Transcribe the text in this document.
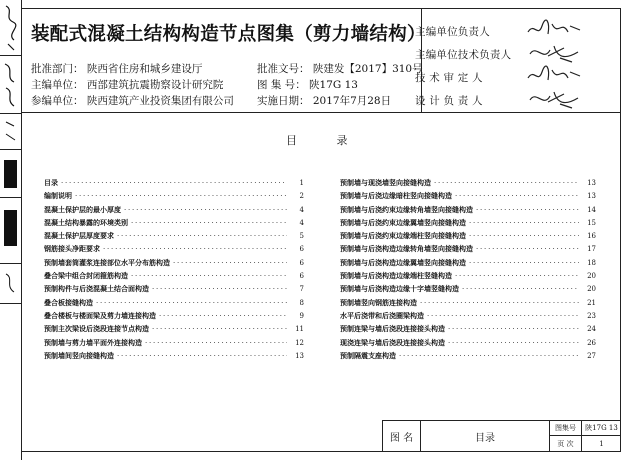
装配式混凝土结构构造节点图集（剪力墙结构）
批准部门： 陕西省住房和城乡建设厅
主编单位： 西部建筑抗震勘察设计研究院
参编单位： 陕西建筑产业投资集团有限公司
批准文号： 陕建发【2017】310号
图 集 号： 陕17G 13
实施日期： 2017年7月28日
主编单位负责人
主编单位技术负责人
技 术 审 定 人
设 计 负 责 人
目 录
目录 ·····	1
编制说明 ·····	2
混凝土保护层的最小厚度 ·····	4
混凝土结构暴露的环境类别 ·····	4
混凝土保护层厚度要求 ·····	5
钢筋接头净距要求 ·····	6
预制墙套筒灌浆连接部位水平分布筋构造 ·····	6
叠合梁中组合封闭箍筋构造 ·····	6
预制构件与后浇混凝土结合面构造 ·····	7
叠合板接缝构造 ·····	8
叠合楼板与楼面梁及剪力墙连接构造 ·····	9
预制主次梁设后浇段连接节点构造 ·····	11
预制墙与剪力墙平面外连接构造 ·····	12
预制墙间竖向接缝构造 ·····	13
预制墙与现浇墙竖向接缝构造 ·····	13
预制墙与后浇边缘暗柱竖向接缝构造 ·····	13
预制墙与后浇约束边缘转角墙竖向接缝构造 ·····	14
预制墙与后浇约束边缘翼墙竖向接缝构造 ·····	15
预制墙与后浇约束边缘端柱竖向接缝构造 ·····	16
预制墙与后浇构造边缘转角墙竖向接缝构造 ·····	17
预制墙与后浇构造边缘翼墙竖向接缝构造 ·····	18
预制墙与后浇构造边缘端柱竖缝构造 ·····	20
预制墙与后浇构造边缘十字墙竖缝构造 ·····	20
预制墙竖向钢筋连接构造 ·····	21
水平后浇带和后浇圈梁构造 ·····	23
预制连梁与墙后浇段连接接头构造 ·····	24
现浇连梁与墙后浇段连接接头构造 ·····	26
预制隔震支座构造 ·····	27
图 名	目录
图集号	陕17G 13
页 次	1
